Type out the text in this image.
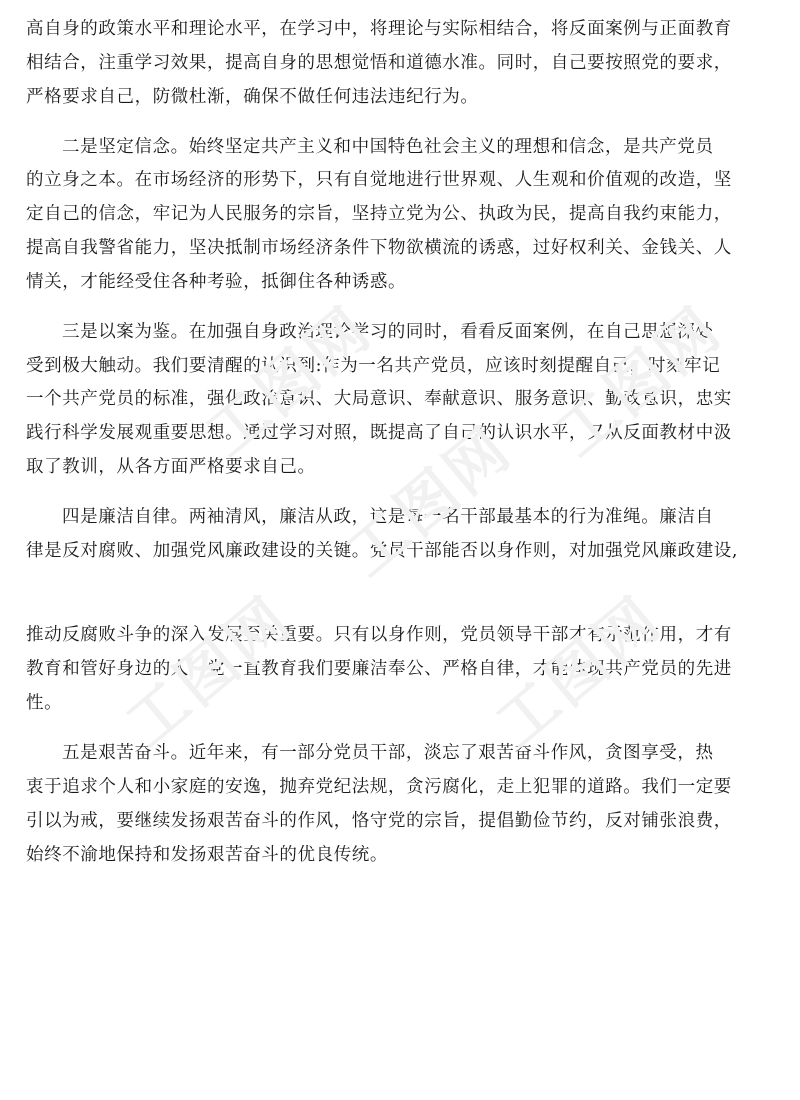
高自身的政策水平和理论水平，在学习中，将理论与实际相结合，将反面案例与正面教育
相结合，注重学习效果，提高自身的思想觉悟和道德水准。同时，自己要按照党的要求，
严格要求自己，防微杜渐，确保不做任何违法违纪行为。
二是坚定信念。始终坚定共产主义和中国特色社会主义的理想和信念，是共产党员
的立身之本。在市场经济的形势下，只有自觉地进行世界观、人生观和价值观的改造，坚
定自己的信念，牢记为人民服务的宗旨，坚持立党为公、执政为民，提高自我约束能力，
提高自我警省能力，坚决抵制市场经济条件下物欲横流的诱惑，过好权利关、金钱关、人
情关，才能经受住各种考验，抵御住各种诱惑。
三是以案为鉴。在加强自身政治理论学习的同时，看看反面案例，在自己思想深处
受到极大触动。我们要清醒的认识到:作为一名共产党员，应该时刻提醒自己，时刻牢记
一个共产党员的标准，强化政治意识、大局意识、奉献意识、服务意识、勤政意识，忠实
践行科学发展观重要思想。通过学习对照，既提高了自己的认识水平，又从反面教材中汲
取了教训，从各方面严格要求自己。
四是廉洁自律。两袖清风，廉洁从政，这是每一名干部最基本的行为准绳。廉洁自
律是反对腐败、加强党风廉政建设的关键。党员干部能否以身作则，对加强党风廉政建设,
推动反腐败斗争的深入发展至关重要。只有以身作则，党员领导干部才有示范作用，才有
教育和管好身边的人，党一直教育我们要廉洁奉公、严格自律，才能体现共产党员的先进
性。
五是艰苦奋斗。近年来，有一部分党员干部，淡忘了艰苦奋斗作风，贪图享受，热
衷于追求个人和小家庭的安逸，抛弃党纪法规，贪污腐化，走上犯罪的道路。我们一定要
引以为戒，要继续发扬艰苦奋斗的作风，恪守党的宗旨，提倡勤俭节约，反对铺张浪费，
始终不渝地保持和发扬艰苦奋斗的优良传统。
工图网
工图网
工图网
工图网	工图网
